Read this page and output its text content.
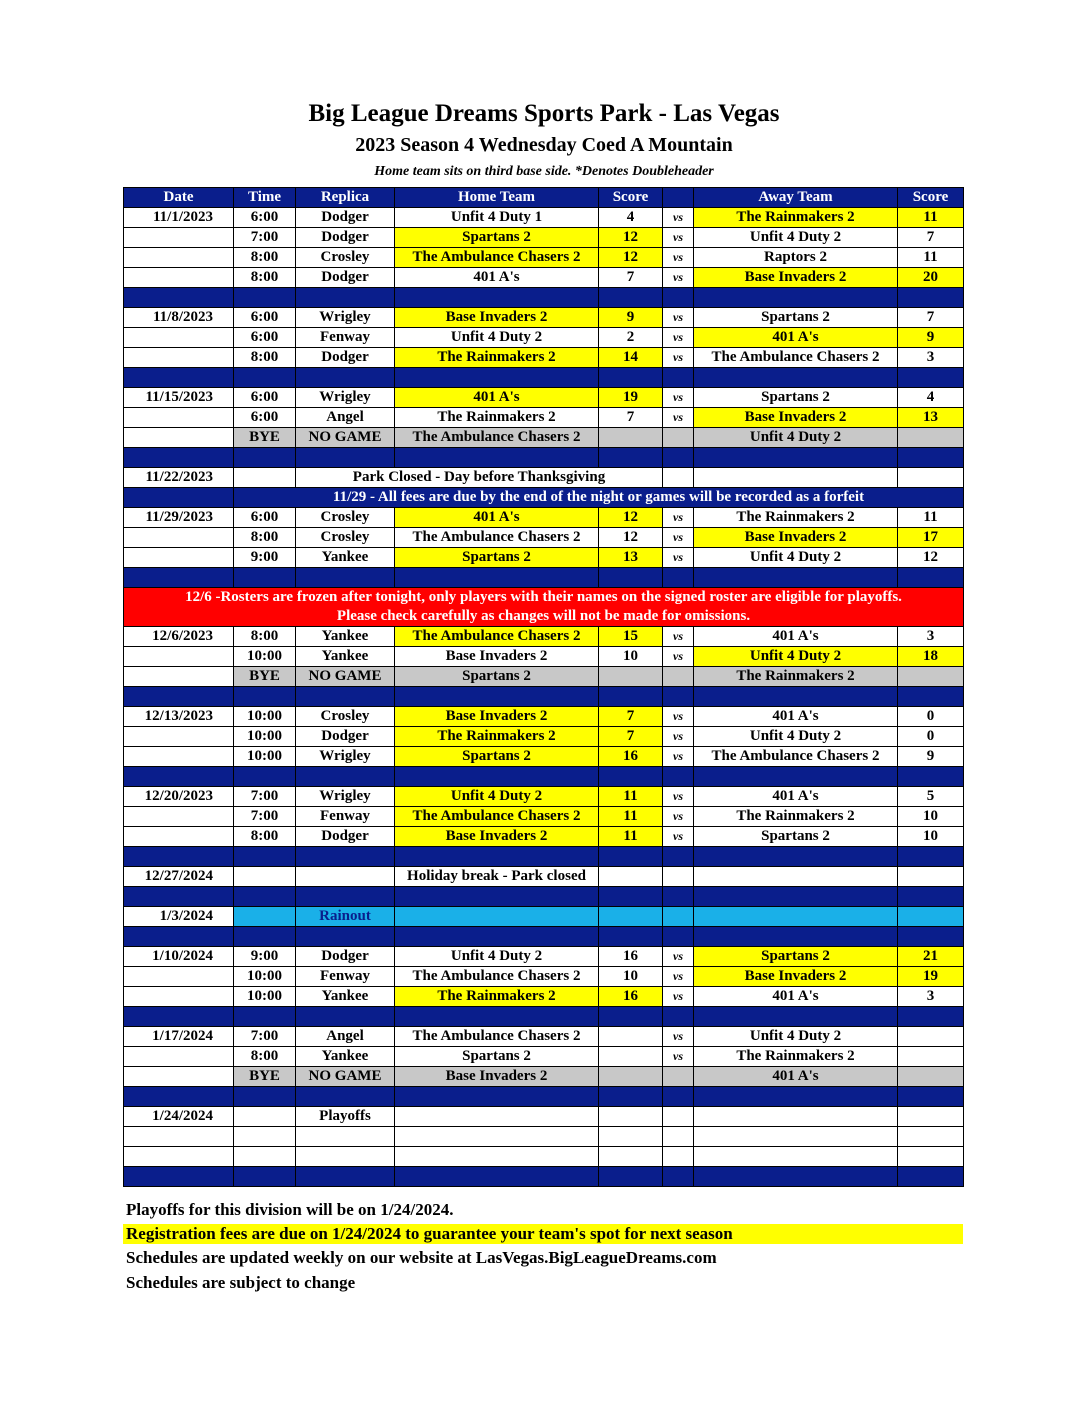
Big League Dreams Sports Park - Las Vegas
2023 Season 4 Wednesday Coed A Mountain
Home team sits on third base side. *Denotes Doubleheader
Date	Time	Replica	Home Team	Score		Away Team	Score
11/1/2023	6:00	Dodger	Unfit 4 Duty 1	4	vs	The Rainmakers 2	11
	7:00	Dodger	Spartans 2	12	vs	Unfit 4 Duty 2	7
	8:00	Crosley	The Ambulance Chasers 2	12	vs	Raptors 2	11
	8:00	Dodger	401 A's	7	vs	Base Invaders 2	20

11/8/2023	6:00	Wrigley	Base Invaders 2	9	vs	Spartans 2	7
	6:00	Fenway	Unfit 4 Duty 2	2	vs	401 A's	9
	8:00	Dodger	The Rainmakers 2	14	vs	The Ambulance Chasers 2	3

11/15/2023	6:00	Wrigley	401 A's	19	vs	Spartans 2	4
	6:00	Angel	The Rainmakers 2	7	vs	Base Invaders 2	13
	BYE	NO GAME	The Ambulance Chasers 2			Unfit 4 Duty 2	

11/22/2023		Park Closed - Day before Thanksgiving					
	11/29 - All fees are due by the end of the night or games will be recorded as a forfeit						
11/29/2023	6:00	Crosley	401 A's	12	vs	The Rainmakers 2	11
	8:00	Crosley	The Ambulance Chasers 2	12	vs	Base Invaders 2	17
	9:00	Yankee	Spartans 2	13	vs	Unfit 4 Duty 2	12

12/6 -Rosters are frozen after tonight, only players with their names on the signed roster are eligible for playoffs.
Please check carefully as changes will not be made for omissions.							

12/6/2023	8:00	Yankee	The Ambulance Chasers 2	15	vs	401 A's	3
	10:00	Yankee	Base Invaders 2	10	vs	Unfit 4 Duty 2	18
	BYE	NO GAME	Spartans 2			The Rainmakers 2	

12/13/2023	10:00	Crosley	Base Invaders 2	7	vs	401 A's	0
	10:00	Dodger	The Rainmakers 2	7	vs	Unfit 4 Duty 2	0
	10:00	Wrigley	Spartans 2	16	vs	The Ambulance Chasers 2	9

12/20/2023	7:00	Wrigley	Unfit 4 Duty 2	11	vs	401 A's	5
	7:00	Fenway	The Ambulance Chasers 2	11	vs	The Rainmakers 2	10
	8:00	Dodger	Base Invaders 2	11	vs	Spartans 2	10

12/27/2024			Holiday break - Park closed				

1/3/2024		Rainout					

1/10/2024	9:00	Dodger	Unfit 4 Duty 2	16	vs	Spartans 2	21
	10:00	Fenway	The Ambulance Chasers 2	10	vs	Base Invaders 2	19
	10:00	Yankee	The Rainmakers 2	16	vs	401 A's	3

1/17/2024	7:00	Angel	The Ambulance Chasers 2		vs	Unfit 4 Duty 2	
	8:00	Yankee	Spartans 2		vs	The Rainmakers 2	
	BYE	NO GAME	Base Invaders 2			401 A's	

1/24/2024		Playoffs					

Playoffs for this division will be on 1/24/2024.
Registration fees are due on 1/24/2024 to guarantee your team's spot for next season
Schedules are updated weekly on our website at LasVegas.BigLeagueDreams.com
Schedules are subject to change
